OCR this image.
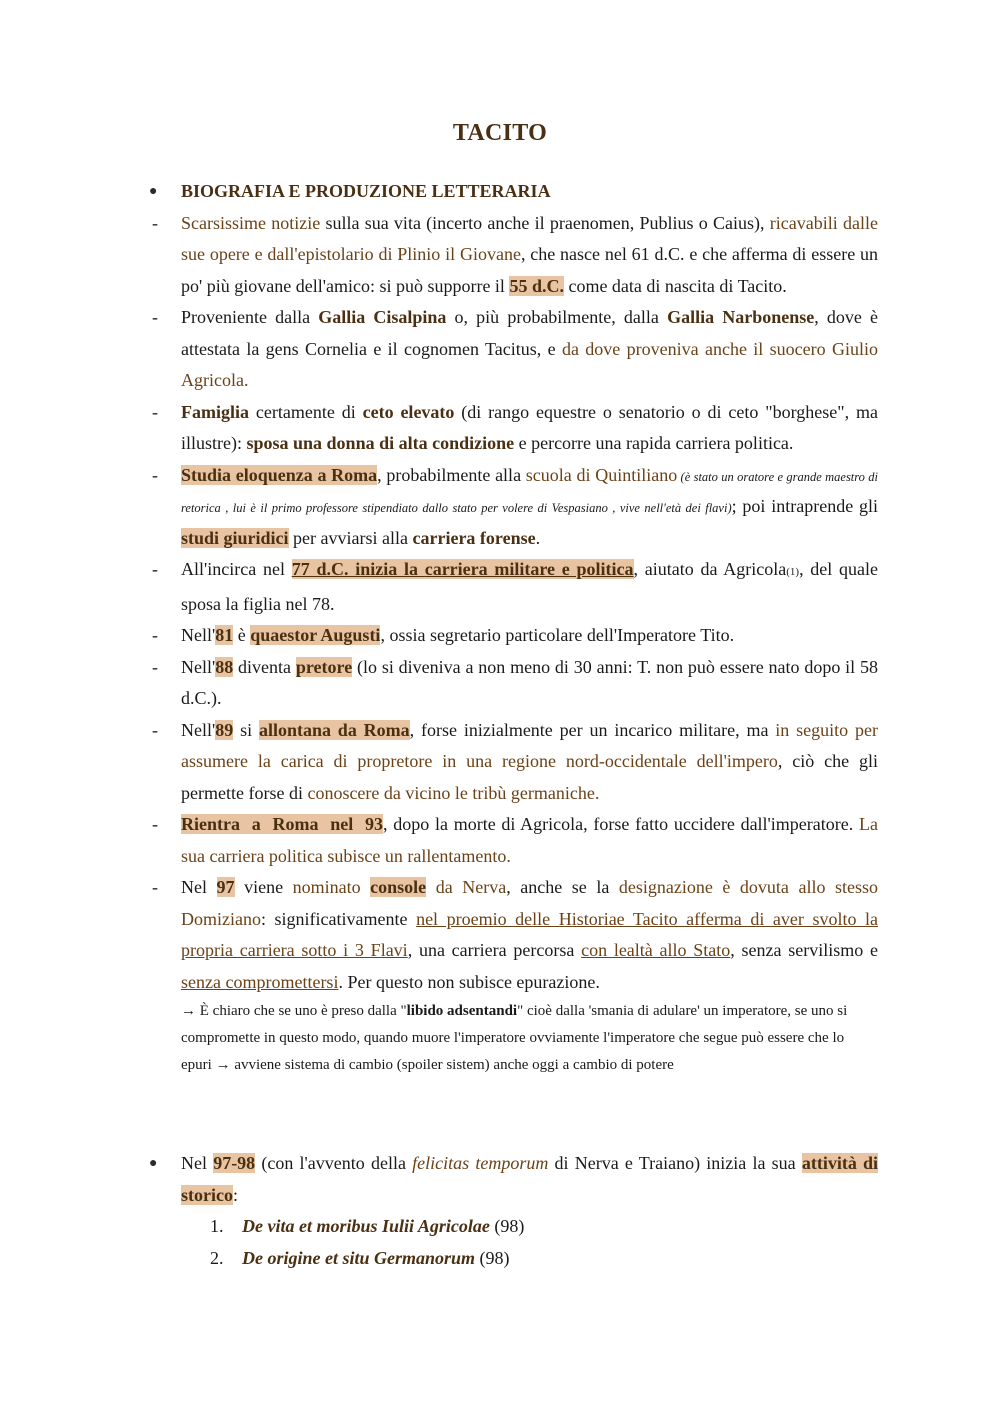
TACITO
● BIOGRAFIA E PRODUZIONE LETTERARIA
- Scarsissime notizie sulla sua vita (incerto anche il praenomen, Publius o Caius), ricavabili dalle sue opere e dall'epistolario di Plinio il Giovane, che nasce nel 61 d.C. e che afferma di essere un po' più giovane dell'amico: si può supporre il 55 d.C. come data di nascita di Tacito.
- Proveniente dalla Gallia Cisalpina o, più probabilmente, dalla Gallia Narbonense, dove è attestata la gens Cornelia e il cognomen Tacitus, e da dove proveniva anche il suocero Giulio Agricola.
- Famiglia certamente di ceto elevato (di rango equestre o senatorio o di ceto "borghese", ma illustre): sposa una donna di alta condizione e percorre una rapida carriera politica.
- Studia eloquenza a Roma, probabilmente alla scuola di Quintiliano (è stato un oratore e grande maestro di retorica , lui è il primo professore stipendiato dallo stato per volere di Vespasiano , vive nell'età dei flavi); poi intraprende gli studi giuridici per avviarsi alla carriera forense.
- All'incirca nel 77 d.C. inizia la carriera militare e politica, aiutato da Agricola(1), del quale sposa la figlia nel 78.
- Nell'81 è quaestor Augusti, ossia segretario particolare dell'Imperatore Tito.
- Nell'88 diventa pretore (lo si diveniva a non meno di 30 anni: T. non può essere nato dopo il 58 d.C.).
- Nell'89 si allontana da Roma, forse inizialmente per un incarico militare, ma in seguito per assumere la carica di propretore in una regione nord-occidentale dell'impero, ciò che gli permette forse di conoscere da vicino le tribù germaniche.
- Rientra a Roma nel 93, dopo la morte di Agricola, forse fatto uccidere dall'imperatore. La sua carriera politica subisce un rallentamento.
- Nel 97 viene nominato console da Nerva, anche se la designazione è dovuta allo stesso Domiziano: significativamente nel proemio delle Historiae Tacito afferma di aver svolto la propria carriera sotto i 3 Flavi, una carriera percorsa con lealtà allo Stato, senza servilismo e senza compromettersi. Per questo non subisce epurazione.
→ È chiaro che se uno è preso dalla "libido adsentandi" cioè dalla 'smania di adulare' un imperatore, se uno si compromette in questo modo, quando muore l'imperatore ovviamente l'imperatore che segue può essere che lo epuri → avviene sistema di cambio (spoiler sistem) anche oggi a cambio di potere
● Nel 97-98 (con l'avvento della felicitas temporum di Nerva e Traiano) inizia la sua attività di storico:
1. De vita et moribus Iulii Agricolae (98)
2. De origine et situ Germanorum (98)
